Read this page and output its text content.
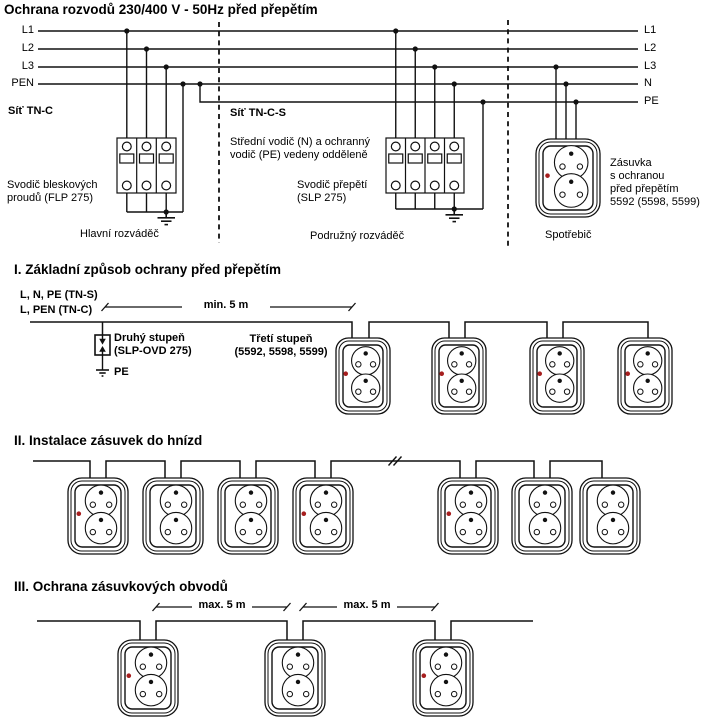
Ochrana rozvodů 230/400 V - 50Hz před přepětím
L1
L2
L3
PEN
L1
L2
L3
N
PE
Síť TN-C	Síť TN-C-S
Střední vodič (N) a ochranný
vodič (PE) vedeny odděleně
Svodič bleskových
proudů (FLP 275)
Svodič přepětí
(SLP 275)
Hlavní rozváděč	Podružný rozváděč
Zásuvka
s ochranou
před přepětím
5592 (5598, 5599)
Spotřebič
I. Základní způsob ochrany před přepětím
L, N, PE (TN-S)
L, PEN (TN-C)	min. 5 m
Druhý stupeň
(SLP-OVD 275)
PE
Třetí stupeň
(5592, 5598, 5599)
II. Instalace zásuvek do hnízd
III. Ochrana zásuvkových obvodů
max. 5 m	max. 5 m
